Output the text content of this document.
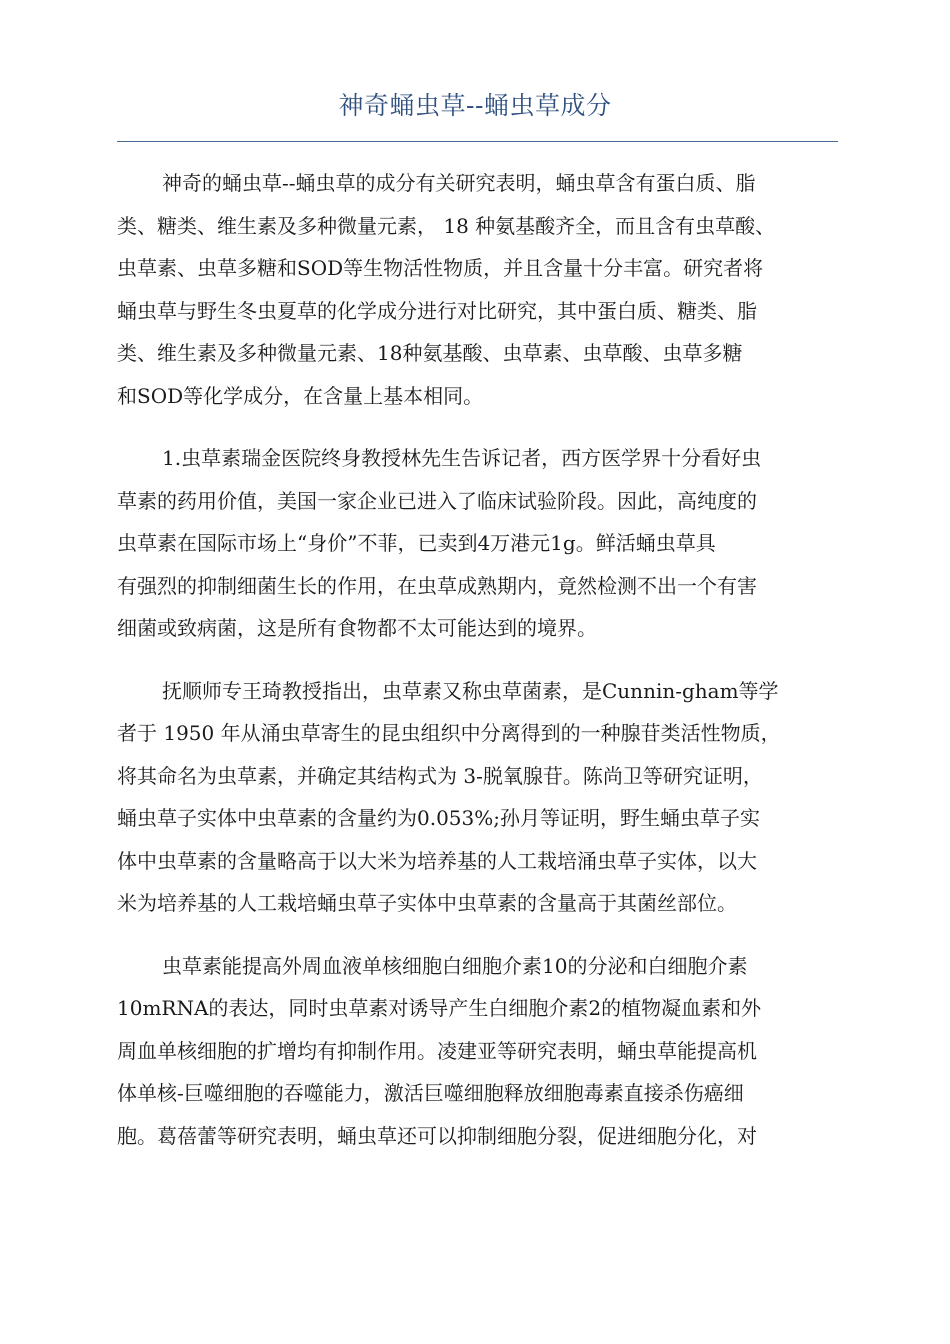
神奇蛹虫草--蛹虫草成分
神奇的蛹虫草--蛹虫草的成分有关研究表明，蛹虫草含有蛋白质、脂
类、糖类、维生素及多种微量元素， 18 种氨基酸齐全，而且含有虫草酸、
虫草素、虫草多糖和SOD等生物活性物质，并且含量十分丰富。研究者将
蛹虫草与野生冬虫夏草的化学成分进行对比研究，其中蛋白质、糖类、脂
类、维生素及多种微量元素、18种氨基酸、虫草素、虫草酸、虫草多糖
和SOD等化学成分，在含量上基本相同。
1.虫草素瑞金医院终身教授林先生告诉记者，西方医学界十分看好虫
草素的药用价值，美国一家企业已进入了临床试验阶段。因此，高纯度的
虫草素在国际市场上“身价”不菲，已卖到4万港元1g。鲜活蛹虫草具
有强烈的抑制细菌生长的作用，在虫草成熟期内，竟然检测不出一个有害
细菌或致病菌，这是所有食物都不太可能达到的境界。
抚顺师专王琦教授指出，虫草素又称虫草菌素，是Cunnin-gham等学
者于 1950 年从涌虫草寄生的昆虫组织中分离得到的一种腺苷类活性物质，
将其命名为虫草素，并确定其结构式为 3-脱氧腺苷。陈尚卫等研究证明，
蛹虫草子实体中虫草素的含量约为0.053%;孙月等证明，野生蛹虫草子实
体中虫草素的含量略高于以大米为培养基的人工栽培涌虫草子实体，以大
米为培养基的人工栽培蛹虫草子实体中虫草素的含量高于其菌丝部位。
虫草素能提高外周血液单核细胞白细胞介素10的分泌和白细胞介素
10mRNA的表达，同时虫草素对诱导产生白细胞介素2的植物凝血素和外
周血单核细胞的扩增均有抑制作用。凌建亚等研究表明，蛹虫草能提高机
体单核-巨噬细胞的吞噬能力，激活巨噬细胞释放细胞毒素直接杀伤癌细
胞。葛蓓蕾等研究表明，蛹虫草还可以抑制细胞分裂，促进细胞分化，对
